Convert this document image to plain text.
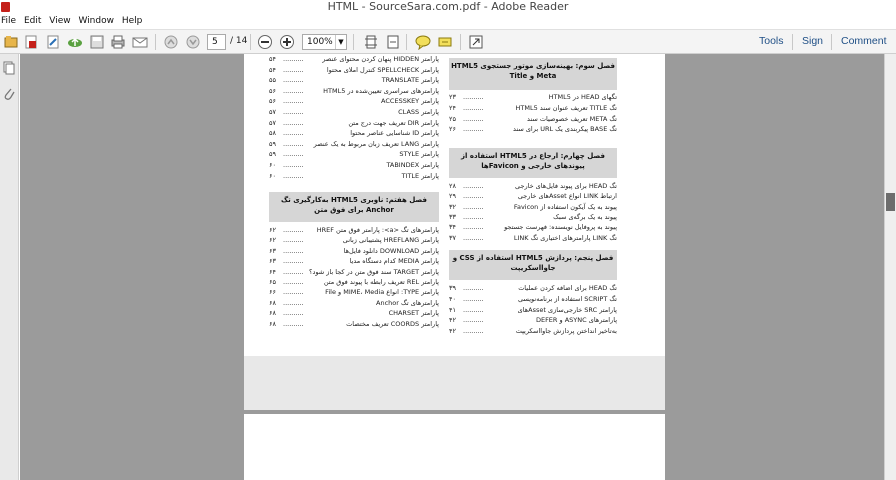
HTML - SourceSara.com.pdf - Adobe Reader
File Edit View Window Help
5	/ 14	100% ▼	Tools Sign Comment
۵۴	..........	پارامتر HIDDEN پنهان کردن محتوای عنصر
۵۴	..........	پارامتر SPELLCHECK کنترل املای محتوا
۵۵	..........	پارامتر TRANSLATE
۵۶	..........	پارامترهای سراسری تعیین‌شده در HTML5
۵۶	..........	پارامتر ACCESSKEY
۵۷	..........	پارامتر CLASS
۵۷	..........	پارامتر DIR تعریف جهت درج متن
۵۸	..........	پارامتر ID شناسایی عناصر محتوا
۵۹	.......... پارامتر LANG تعریف زبان مربوط به یک عنصر
۵۹	..........	پارامتر STYLE
۶۰	..........	پارامتر TABINDEX
۶۰	..........	پارامتر TITLE
فصل هفتم: ناوبری HTML5 به‌کارگیری تگ Anchor برای فوق متن
۶۲	.......... پارامترهای تگ <a>: پارامتر فوق متن HREF
۶۲	..........	پارامتر HREFLANG پشتیبانی زبانی
۶۳	..........	پارامتر DOWNLOAD دانلود فایل‌ها
۶۳	..........	پارامتر MEDIA کدام دستگاه مدیا
۶۴	.......... پارامتر TARGET سند فوق متن در کجا باز شود؟
۶۵	..........	پارامتر REL تعریف رابطه با پیوند فوق متن
۶۶	..........	پارامتر TYPE: انواع MIME، Media و File
۶۸	..........	پارامترهای تگ Anchor
۶۸	..........	پارامتر CHARSET
۶۸	..........	پارامتر COORDS تعریف مختصات
فصل سوم: بهینه‌سازی موتور جستجوی HTML5 Meta و Title
۲۳	..........	تگهای HEAD در HTML5
۲۴	..........	تگ TITLE تعریف عنوان سند HTML5
۲۵	..........	تگ META تعریف خصوصیات سند
۲۶	..........	تگ BASE پیکربندی یک URL برای سند
فصل چهارم: ارجاع در HTML5 استفاده از پیوندهای خارجی و Faviconها
۲۸	..........	تگ HEAD برای پیوند فایل‌های خارجی
۲۹	..........	ارتباط LINK انواع Assetهای خارجی
۳۲	..........	پیوند به یک آیکون استفاده از Favicon
۳۳	..........	پیوند به یک برگه‌ی سبک
۳۴	..........	پیوند به پروفایل نویسنده: فهرست جستجو
۳۷	..........	تگ LINK پارامترهای اختیاری تگ LINK
فصل پنجم: پردازش HTML5 استفاده از CSS و جاوااسکریپت
۳۹	..........	تگ HEAD برای اضافه کردن عملیات
۴۰	..........	تگ SCRIPT استفاده از برنامه‌نویسی
۴۱	..........	پارامتر SRC خارجی‌سازی Assetهای
۴۲	..........	پارامترهای ASYNC و DEFER
۴۲	..........	به‌تاخیر انداختن پردازش جاوااسکریپت
